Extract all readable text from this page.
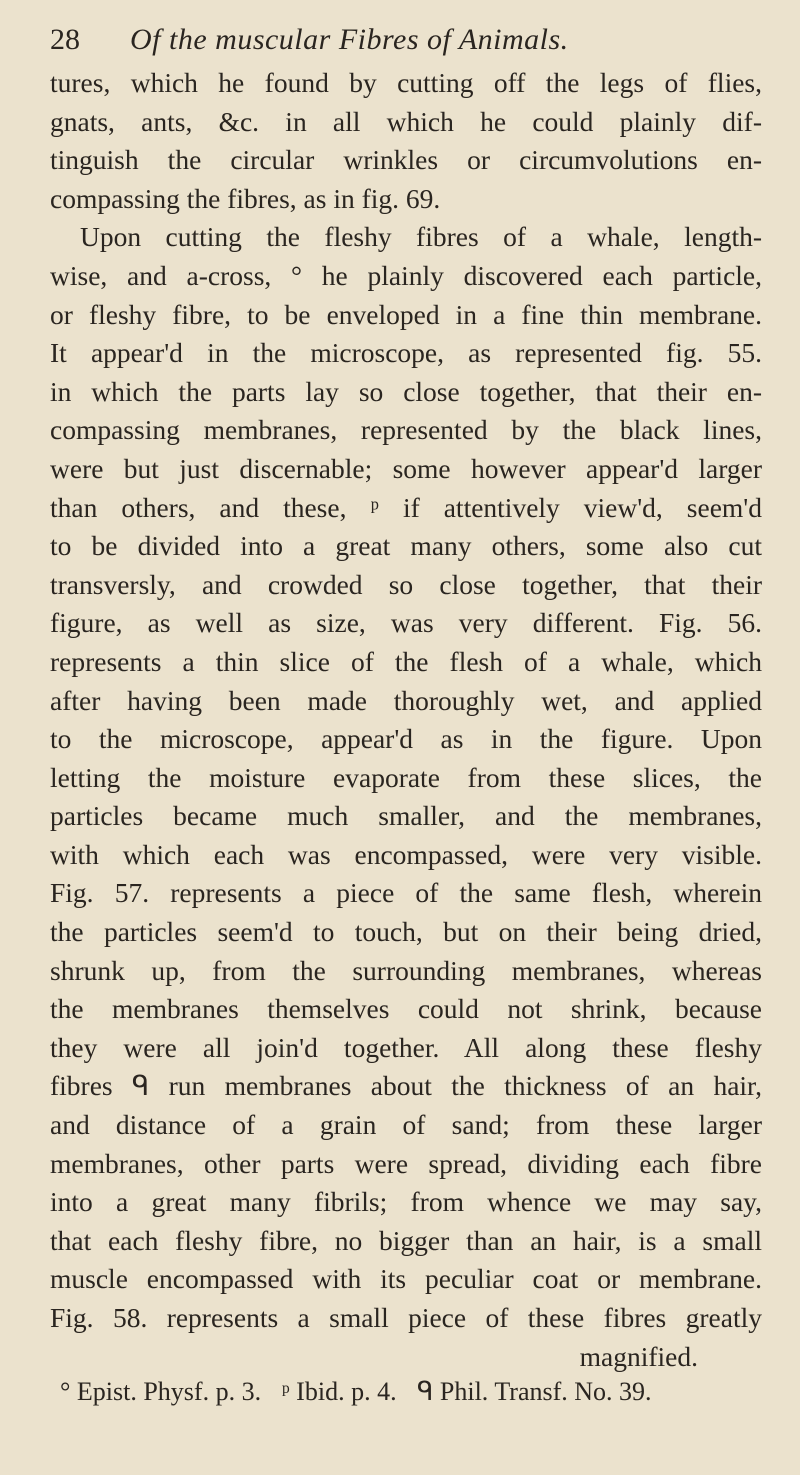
28	Of the muscular Fibres of Animals.
tures, which he found by cutting off the legs of flies,
gnats, ants, &c. in all which he could plainly dif-
tinguish the circular wrinkles or circumvolutions en-
compassing the fibres, as in fig. 69.
Upon cutting the fleshy fibres of a whale, length-
wise, and a-cross, ° he plainly discovered each particle,
or fleshy fibre, to be enveloped in a fine thin membrane.
It appear'd in the microscope, as represented fig. 55.
in which the parts lay so close together, that their en-
compassing membranes, represented by the black lines,
were but just discernable; some however appear'd larger
than others, and these, ᵖ if attentively view'd, seem'd
to be divided into a great many others, some also cut
transversly, and crowded so close together, that their
figure, as well as size, was very different. Fig. 56.
represents a thin slice of the flesh of a whale, which
after having been made thoroughly wet, and applied
to the microscope, appear'd as in the figure. Upon
letting the moisture evaporate from these slices, the
particles became much smaller, and the membranes,
with which each was encompassed, were very visible.
Fig. 57. represents a piece of the same flesh, wherein
the particles seem'd to touch, but on their being dried,
shrunk up, from the surrounding membranes, whereas
the membranes themselves could not shrink, because
they were all join'd together. All along these fleshy
fibres ᑫ run membranes about the thickness of an hair,
and distance of a grain of sand; from these larger
membranes, other parts were spread, dividing each fibre
into a great many fibrils; from whence we may say,
that each fleshy fibre, no bigger than an hair, is a small
muscle encompassed with its peculiar coat or membrane.
Fig. 58. represents a small piece of these fibres greatly
magnified.
° Epist. Physf. p. 3. ᵖ Ibid. p. 4. ᑫ Phil. Transf. No. 39.
